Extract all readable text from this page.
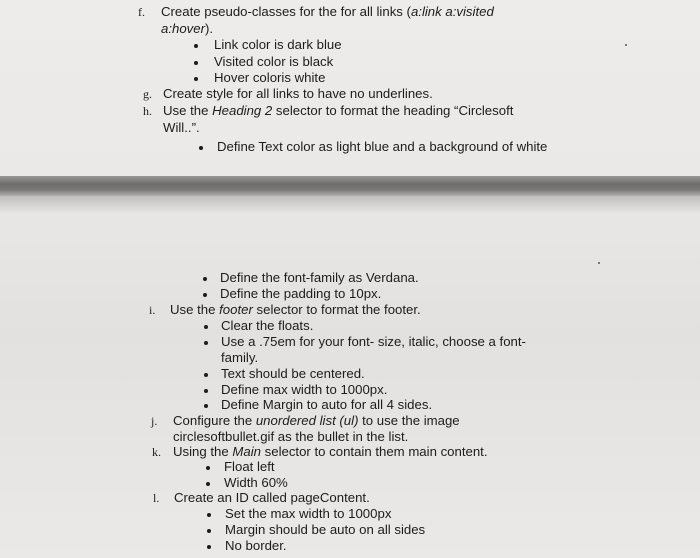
f. Create pseudo-classes for the for all links (a:link a:visited
a:hover).
Link color is dark blue
Visited color is black
Hover coloris white
g. Create style for all links to have no underlines.
h. Use the Heading 2 selector to format the heading “Circlesoft
Will..”.
Define Text color as light blue and a background of white
Define the font-family as Verdana.
Define the padding to 10px.
i. Use the footer selector to format the footer.
Clear the floats.
Use a .75em for your font- size, italic, choose a font-
family.
Text should be centered.
Define max width to 1000px.
Define Margin to auto for all 4 sides.
j. Configure the unordered list (ul) to use the image
circlesoftbullet.gif as the bullet in the list.
k. Using the Main selector to contain them main content.
Float left
Width 60%
l. Create an ID called pageContent.
Set the max width to 1000px
Margin should be auto on all sides
No border.
